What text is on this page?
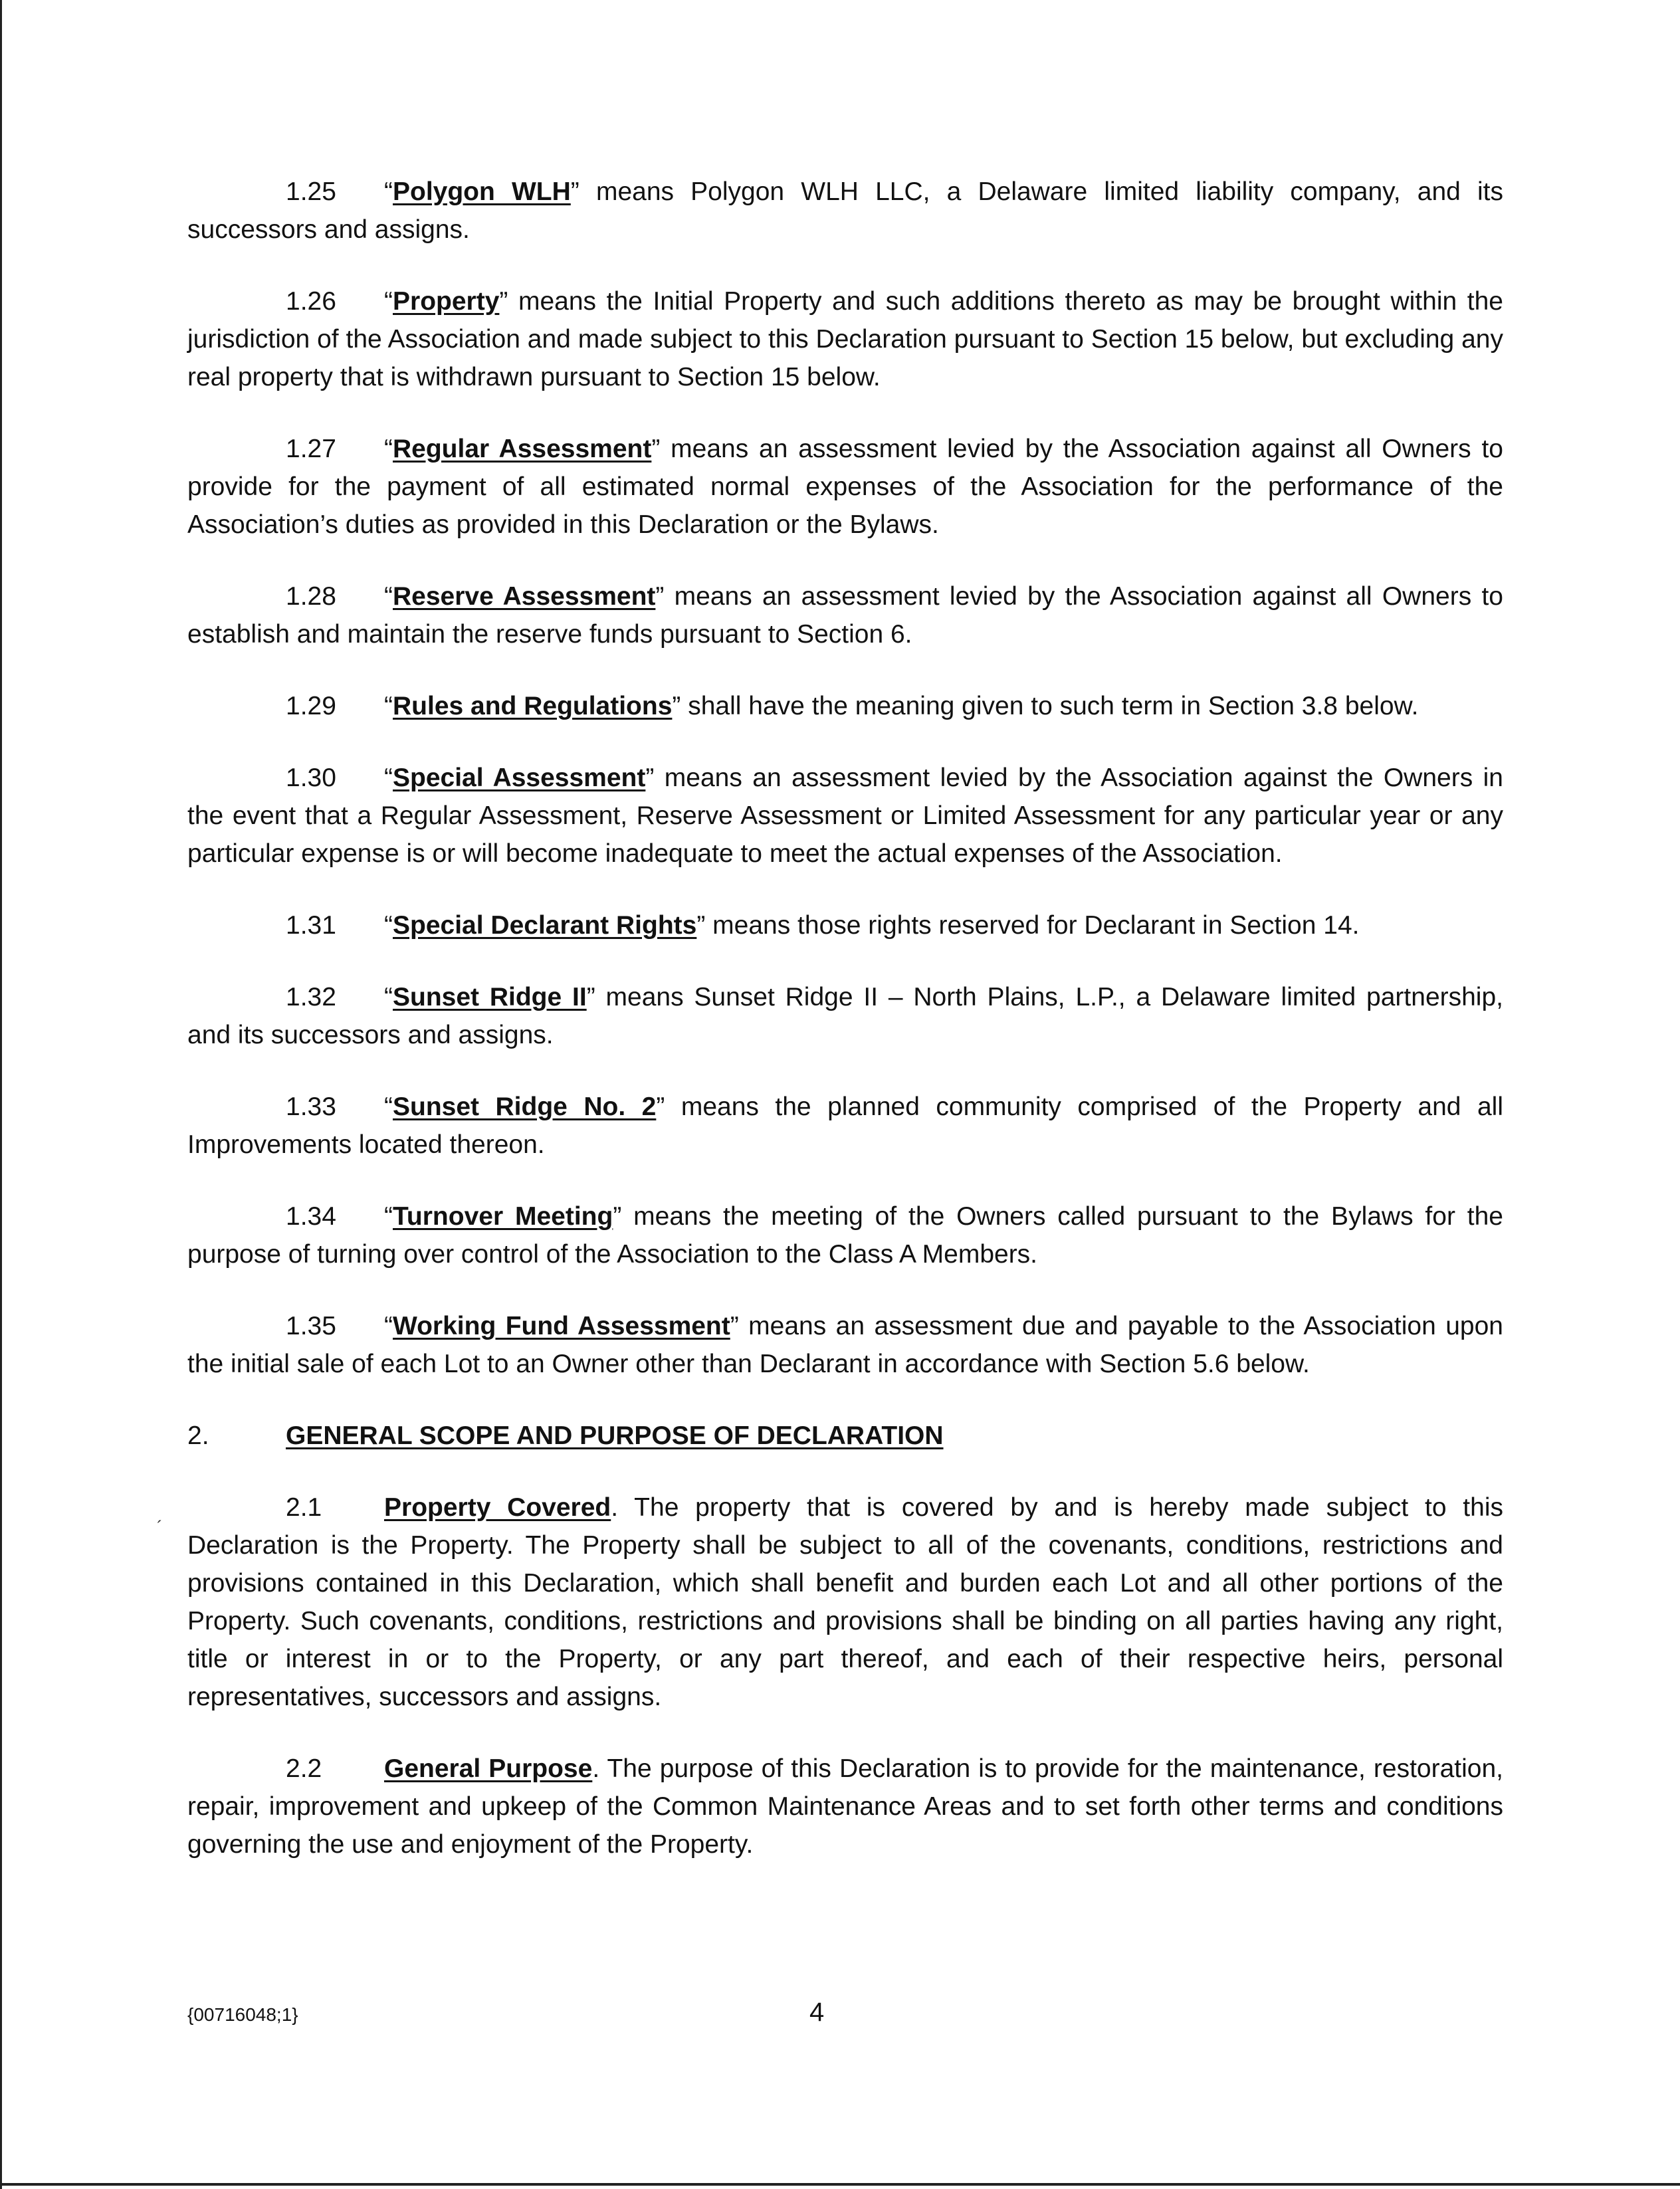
1.25 “Polygon WLH” means Polygon WLH LLC, a Delaware limited liability company, and its successors and assigns.

1.26 “Property” means the Initial Property and such additions thereto as may be brought within the jurisdiction of the Association and made subject to this Declaration pursuant to Section 15 below, but excluding any real property that is withdrawn pursuant to Section 15 below.

1.27 “Regular Assessment” means an assessment levied by the Association against all Owners to provide for the payment of all estimated normal expenses of the Association for the performance of the Association’s duties as provided in this Declaration or the Bylaws.

1.28 “Reserve Assessment” means an assessment levied by the Association against all Owners to establish and maintain the reserve funds pursuant to Section 6.

1.29 “Rules and Regulations” shall have the meaning given to such term in Section 3.8 below.

1.30 “Special Assessment” means an assessment levied by the Association against the Owners in the event that a Regular Assessment, Reserve Assessment or Limited Assessment for any particular year or any particular expense is or will become inadequate to meet the actual expenses of the Association.

1.31 “Special Declarant Rights” means those rights reserved for Declarant in Section 14.

1.32 “Sunset Ridge II” means Sunset Ridge II – North Plains, L.P., a Delaware limited partnership, and its successors and assigns.

1.33 “Sunset Ridge No. 2” means the planned community comprised of the Property and all Improvements located thereon.

1.34 “Turnover Meeting” means the meeting of the Owners called pursuant to the Bylaws for the purpose of turning over control of the Association to the Class A Members.

1.35 “Working Fund Assessment” means an assessment due and payable to the Association upon the initial sale of each Lot to an Owner other than Declarant in accordance with Section 5.6 below.

2.	GENERAL SCOPE AND PURPOSE OF DECLARATION

2.1 Property Covered. The property that is covered by and is hereby made subject to this Declaration is the Property. The Property shall be subject to all of the covenants, conditions, restrictions and provisions contained in this Declaration, which shall benefit and burden each Lot and all other portions of the Property. Such covenants, conditions, restrictions and provisions shall be binding on all parties having any right, title or interest in or to the Property, or any part thereof, and each of their respective heirs, personal representatives, successors and assigns.

2.2 General Purpose. The purpose of this Declaration is to provide for the maintenance, restoration, repair, improvement and upkeep of the Common Maintenance Areas and to set forth other terms and conditions governing the use and enjoyment of the Property.

´
{00716048;1}	4
